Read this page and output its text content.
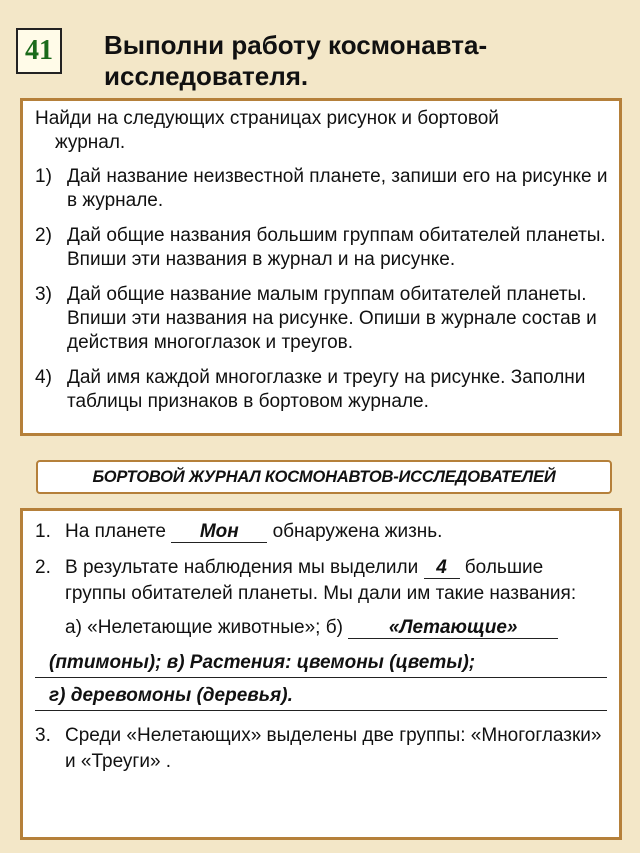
41	Выполни работу космонавта-исследователя.
Найди на следующих страницах рисунок и бортовой
журнал.
1) Дай название неизвестной планете, запиши его на рисунке и в журнале.
2) Дай общие названия большим группам обитателей планеты. Впиши эти названия в журнал и на рисунке.
3) Дай общие название малым группам обитателей планеты. Впиши эти названия на рисунке. Опиши в журнале состав и действия многоглазок и треугов.
4) Дай имя каждой многоглазке и треугу на рисунке. Заполни таблицы признаков в бортовом журнале.
БОРТОВОЙ ЖУРНАЛ КОСМОНАВТОВ-ИССЛЕДОВАТЕЛЕЙ
1. На планете Мон обнаружена жизнь.
2. В результате наблюдения мы выделили 4 большие группы обитателей планеты. Мы дали им такие названия:
а) «Нелетающие животные»; б) «Летающие»
(птимоны); в) Растения: цвемоны (цветы);
г) деревомоны (деревья).
3. Среди «Нелетающих» выделены две группы: «Многоглазки» и «Треуги» .
